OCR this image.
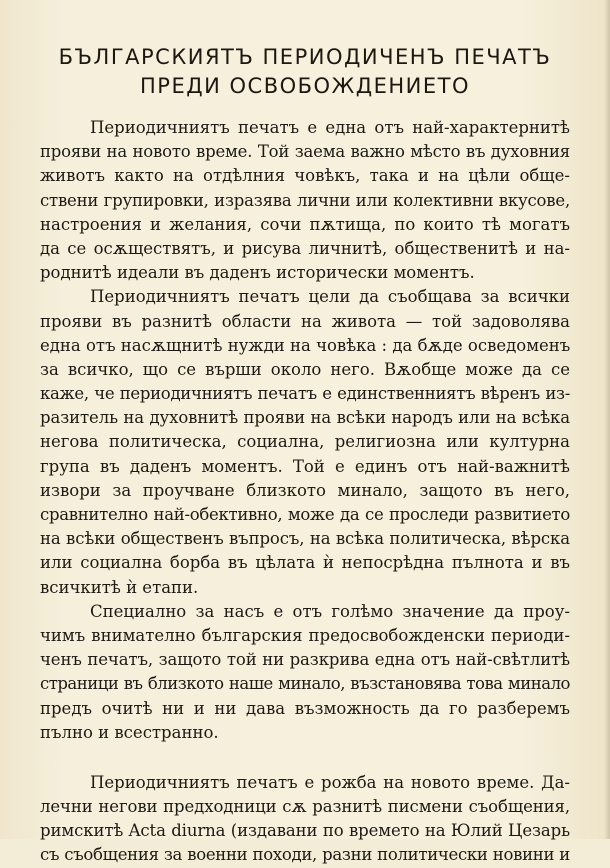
БЪЛГАРСКИЯТЪ ПЕРИОДИЧЕНЪ ПЕЧАТЪ
ПРЕДИ ОСВОБОЖДЕНИЕТО
Периодичниятъ печатъ е една отъ най-характернитѣ
прояви на новото време. Той заема важно мѣсто въ духовния
животъ както на отдѣлния човѣкъ, така и на цѣли обще-
ствени групировки, изразява лични или колективни вкусове,
настроения и желания, сочи пѫтища, по които тѣ могатъ
да се осѫществятъ, и рисува личнитѣ, общественитѣ и на-
роднитѣ идеали въ даденъ исторически моментъ.
Периодичниятъ печатъ цели да съобщава за всички
прояви въ разнитѣ области на живота — той задоволява
една отъ насѫщнитѣ нужди на човѣка : да бѫде осведоменъ
за всичко, що се върши около него. Вѫобще може да се
каже, че периодичниятъ печатъ е единственниятъ вѣренъ из-
разитель на духовнитѣ прояви на всѣки народъ или на всѣка
негова политическа, социална, религиозна или културна
група въ даденъ моментъ. Той е единъ отъ най-важнитѣ
извори за проучване близкото минало, защото въ него,
сравнително най-обективно, може да се проследи развитието
на всѣки общественъ въпросъ, на всѣка политическа, вѣрска
или социална борба въ цѣлата ѝ непосрѣдна пълнота и въ
всичкитѣ ѝ етапи.
Специално за насъ е отъ голѣмо значение да проу-
чимъ внимателно българския предосвобожденски периоди-
ченъ печатъ, защото той ни разкрива една отъ най-свѣтлитѣ
страници въ близкото наше минало, възстановява това минало
предъ очитѣ ни и ни дава възможность да го разберемъ
пълно и всестранно.
Периодичниятъ печатъ е рожба на новото време. Да-
лечни негови предходници сѫ разнитѣ писмени съобщения,
римскитѣ Acta diurna (издавани по времето на Юлий Цезарь
съ съобщения за военни походи, разни политически новини и
